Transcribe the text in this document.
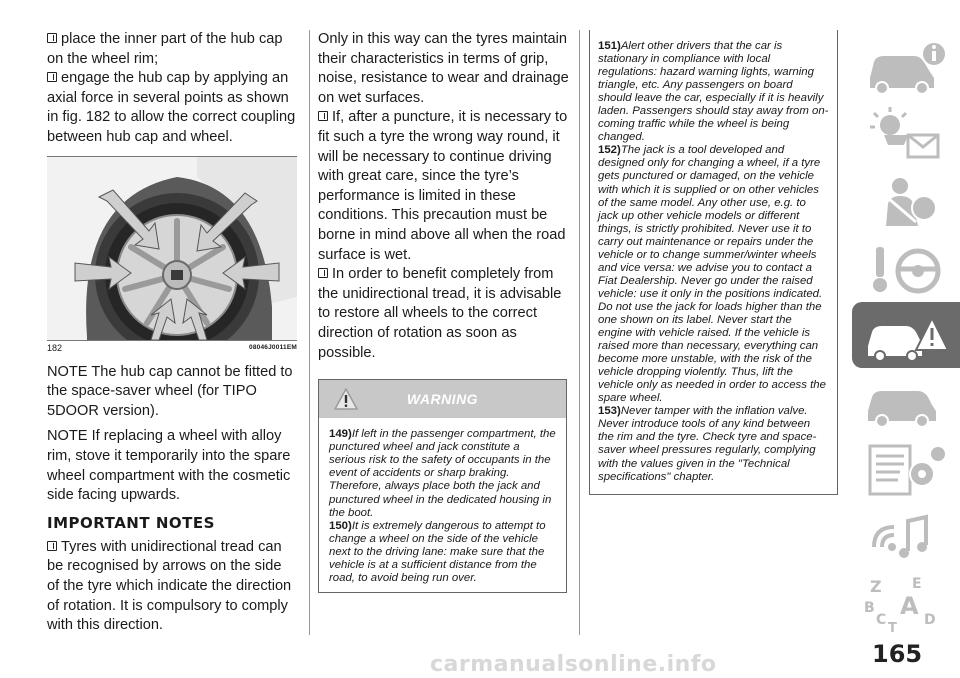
place the inner part of the hub cap on the wheel rim;

engage the hub cap by applying an axial force in several points as shown in fig. 182 to allow the correct coupling between hub cap and wheel.

182	08046J0011EM

NOTE The hub cap cannot be fitted to the space-saver wheel (for TIPO 5DOOR version).

NOTE If replacing a wheel with alloy rim, stove it temporarily into the spare wheel compartment with the cosmetic side facing upwards.

IMPORTANT NOTES

Tyres with unidirectional tread can be recognised by arrows on the side of the tyre which indicate the direction of rotation. It is compulsory to comply with this direction.

Only in this way can the tyres maintain their characteristics in terms of grip, noise, resistance to wear and drainage on wet surfaces.

If, after a puncture, it is necessary to fit such a tyre the wrong way round, it will be necessary to continue driving with great care, since the tyre’s performance is limited in these conditions. This precaution must be borne in mind above all when the road surface is wet.

In order to benefit completely from the unidirectional tread, it is advisable to restore all wheels to the correct direction of rotation as soon as possible.

WARNING
149)If left in the passenger compartment, the punctured wheel and jack constitute a serious risk to the safety of occupants in the event of accidents or sharp braking. Therefore, always place both the jack and punctured wheel in the dedicated housing in the boot.
150)It is extremely dangerous to attempt to change a wheel on the side of the vehicle next to the driving lane: make sure that the vehicle is at a sufficient distance from the road, to avoid being run over.
151)Alert other drivers that the car is stationary in compliance with local regulations: hazard warning lights, warning triangle, etc. Any passengers on board should leave the car, especially if it is heavily laden. Passengers should stay away from on-coming traffic while the wheel is being changed.
152)The jack is a tool developed and designed only for changing a wheel, if a tyre gets punctured or damaged, on the vehicle with which it is supplied or on other vehicles of the same model. Any other use, e.g. to jack up other vehicle models or different things, is strictly prohibited. Never use it to carry out maintenance or repairs under the vehicle or to change summer/winter wheels and vice versa: we advise you to contact a Fiat Dealership. Never go under the raised vehicle: use it only in the positions indicated. Do not use the jack for loads higher than the one shown on its label. Never start the engine with vehicle raised. If the vehicle is raised more than necessary, everything can become more unstable, with the risk of the vehicle dropping violently. Thus, lift the vehicle only as needed in order to access the spare wheel.
153)Never tamper with the inflation valve. Never introduce tools of any kind between the rim and the tyre. Check tyre and space-saver wheel pressures regularly, complying with the values given in the "Technical specifications" chapter.
Z E
B A
C	D
T
165
carmanualsonline.info
